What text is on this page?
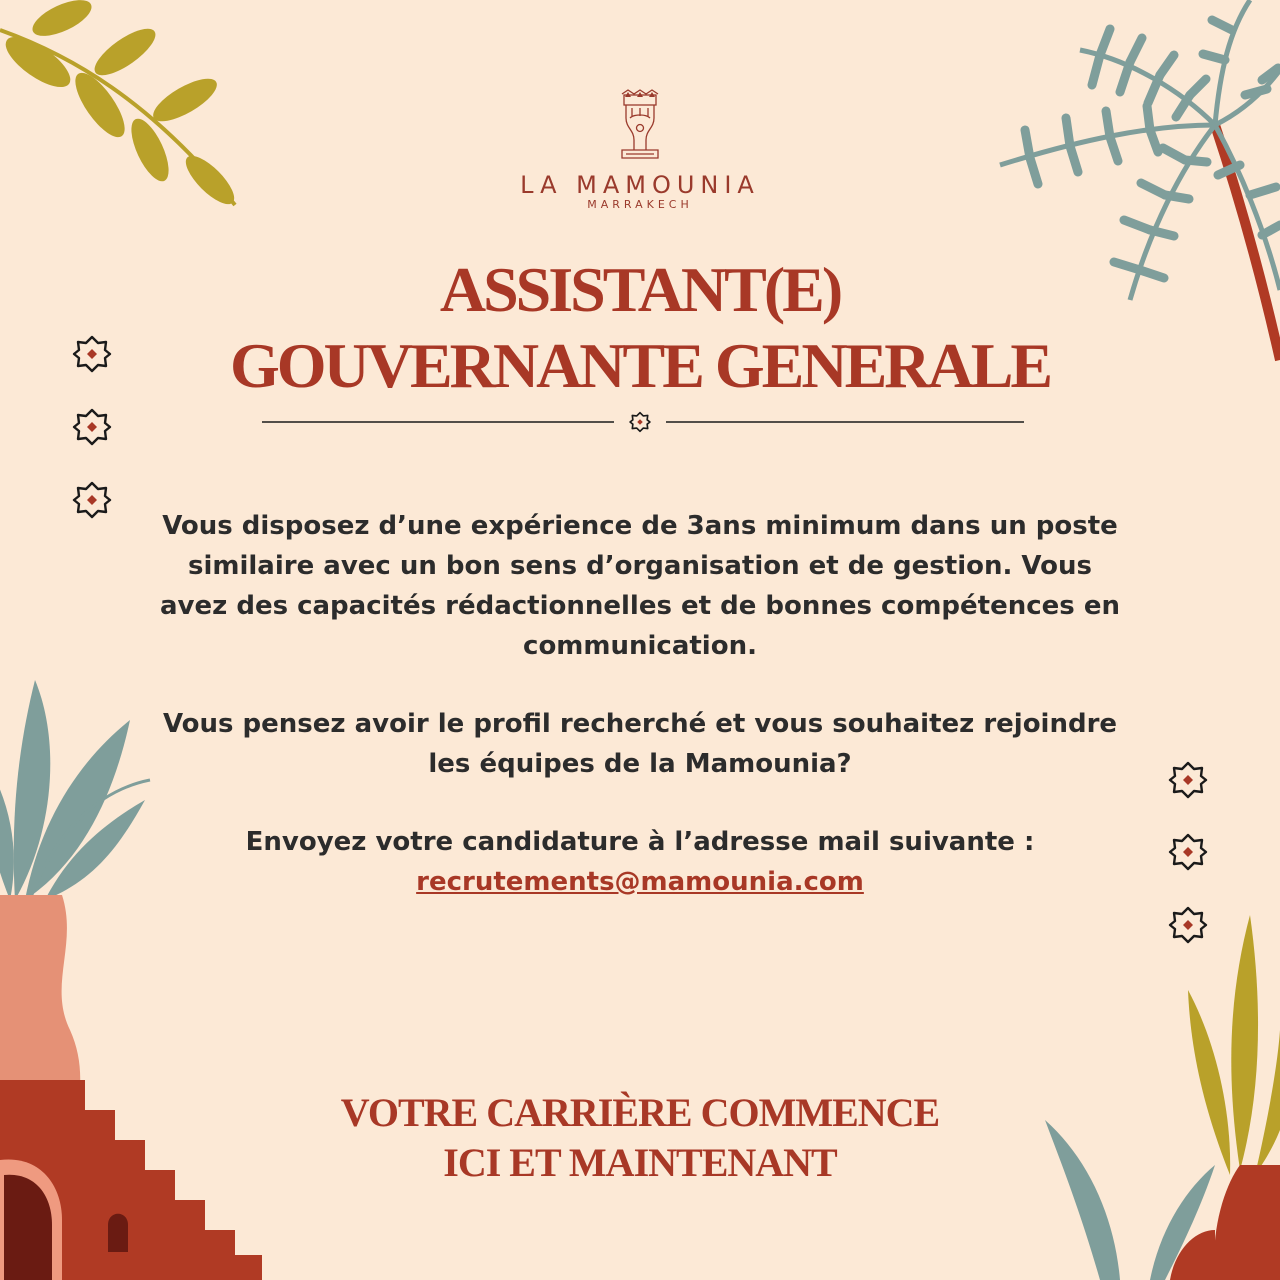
LA MAMOUNIA
MARRAKECH
ASSISTANT(E)
GOUVERNANTE GENERALE

Vous disposez d’une expérience de 3ans minimum dans un poste similaire avec un bon sens d’organisation et de gestion. Vous avez des capacités rédactionnelles et de bonnes compétences en communication.

Vous pensez avoir le profil recherché et vous souhaitez rejoindre les équipes de la Mamounia?

Envoyez votre candidature à l’adresse mail suivante :

recrutements@mamounia.com

VOTRE CARRIÈRE COMMENCE
ICI ET MAINTENANT
